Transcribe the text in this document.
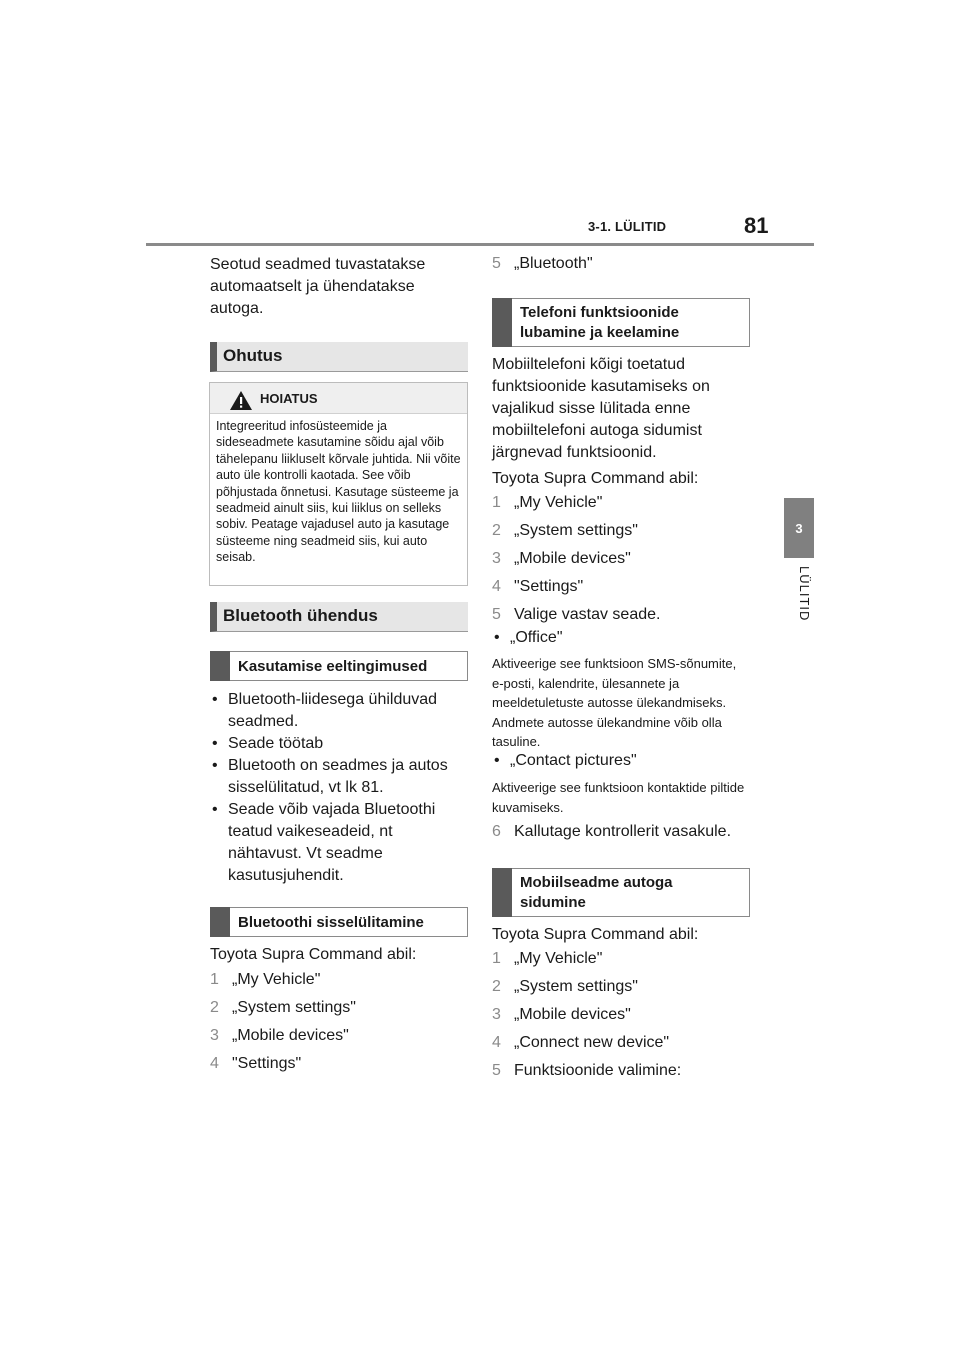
3-1. LÜLITID	81
3
LÜLITID
Seotud seadmed tuvastatakse automaatselt ja ühendatakse autoga.
Ohutus
HOIATUS
Integreeritud infosüsteemide ja sideseadmete kasutamine sõidu ajal võib tähelepanu liikluselt kõrvale juhtida. Nii võite auto üle kontrolli kaotada. See võib põhjustada õnnetusi. Kasutage süsteeme ja seadmeid ainult siis, kui liiklus on selleks sobiv. Peatage vajadusel auto ja kasutage süsteeme ning seadmeid siis, kui auto seisab.
Bluetooth ühendus
Kasutamise eeltingimused
• Bluetooth-liidesega ühilduvad seadmed.
• Seade töötab
• Bluetooth on seadmes ja autos sisselülitatud, vt lk 81.
• Seade võib vajada Bluetoothi teatud vaikeseadeid, nt nähtavust. Vt seadme kasutusjuhendit.
Bluetoothi sisselülitamine
Toyota Supra Command abil:
1 „My Vehicle"
2 „System settings"
3 „Mobile devices"
4 "Settings"
5 „Bluetooth"
Telefoni funktsioonide lubamine ja keelamine
Mobiiltelefoni kõigi toetatud funktsioonide kasutamiseks on vajalikud sisse lülitada enne mobiiltelefoni autoga sidumist järgnevad funktsioonid.
Toyota Supra Command abil:
1 „My Vehicle"
2 „System settings"
3 „Mobile devices"
4 "Settings"
5 Valige vastav seade.
• „Office"
Aktiveerige see funktsioon SMS-sõnumite, e-posti, kalendrite, ülesannete ja meeldetuletuste autosse ülekandmiseks. Andmete autosse ülekandmine võib olla tasuline.
• „Contact pictures"
Aktiveerige see funktsioon kontaktide piltide kuvamiseks.
6 Kallutage kontrollerit vasakule.
Mobiilseadme autoga sidumine
Toyota Supra Command abil:
1 „My Vehicle"
2 „System settings"
3 „Mobile devices"
4 „Connect new device"
5 Funktsioonide valimine:
